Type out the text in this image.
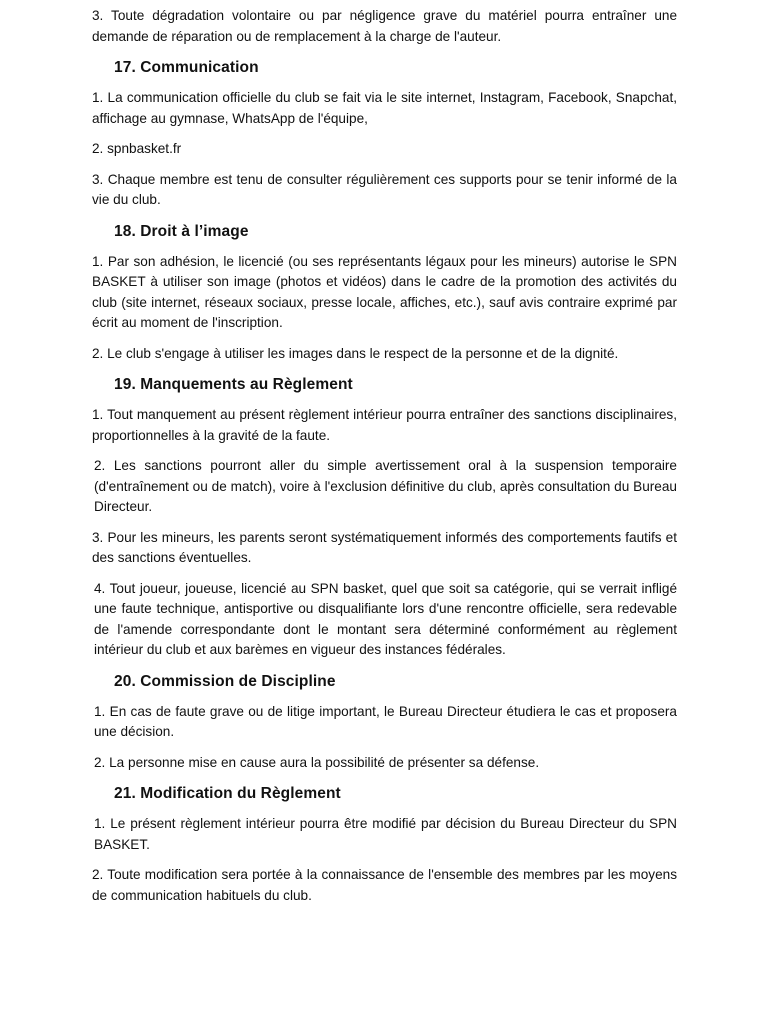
3. Toute dégradation volontaire ou par négligence grave du matériel pourra entraîner une demande de réparation ou de remplacement à la charge de l'auteur.

17. Communication

1. La communication officielle du club se fait via le site internet, Instagram, Facebook, Snapchat, affichage au gymnase, WhatsApp de l'équipe,

2. spnbasket.fr

3. Chaque membre est tenu de consulter régulièrement ces supports pour se tenir informé de la vie du club.

18. Droit à l’image

1. Par son adhésion, le licencié (ou ses représentants légaux pour les mineurs) autorise le SPN BASKET à utiliser son image (photos et vidéos) dans le cadre de la promotion des activités du club (site internet, réseaux sociaux, presse locale, affiches, etc.), sauf avis contraire exprimé par écrit au moment de l'inscription.

2. Le club s'engage à utiliser les images dans le respect de la personne et de la dignité.

19. Manquements au Règlement

1. Tout manquement au présent règlement intérieur pourra entraîner des sanctions disciplinaires, proportionnelles à la gravité de la faute.

2. Les sanctions pourront aller du simple avertissement oral à la suspension temporaire (d'entraînement ou de match), voire à l'exclusion définitive du club, après consultation du Bureau Directeur.

3. Pour les mineurs, les parents seront systématiquement informés des comportements fautifs et des sanctions éventuelles.

4. Tout joueur, joueuse, licencié au SPN basket, quel que soit sa catégorie, qui se verrait infligé une faute technique, antisportive ou disqualifiante lors d'une rencontre officielle, sera redevable de l'amende correspondante dont le montant sera déterminé conformément au règlement intérieur du club et aux barèmes en vigueur des instances fédérales.

20. Commission de Discipline

1. En cas de faute grave ou de litige important, le Bureau Directeur étudiera le cas et proposera une décision.

2. La personne mise en cause aura la possibilité de présenter sa défense.

21. Modification du Règlement

1. Le présent règlement intérieur pourra être modifié par décision du Bureau Directeur du SPN BASKET.

2. Toute modification sera portée à la connaissance de l'ensemble des membres par les moyens de communication habituels du club.
